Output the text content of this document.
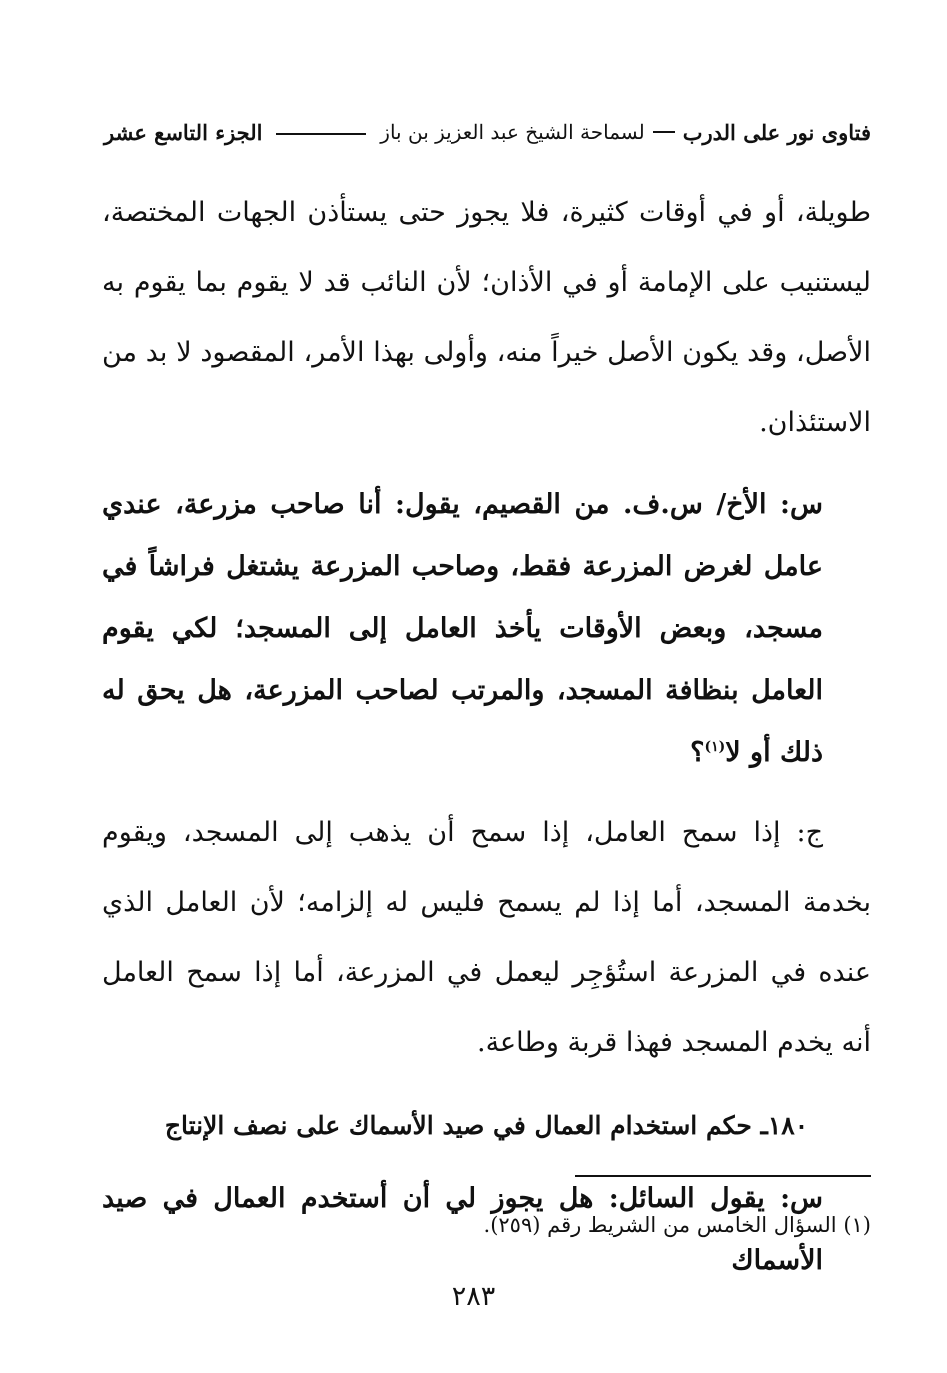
فتاوى نور على الدرب
لسماحة الشيخ عبد العزيز بن باز
الجزء التاسع عشر

طويلة، أو في أوقات كثيرة، فلا يجوز حتى يستأذن الجهات المختصة، ليستنيب على الإمامة أو في الأذان؛ لأن النائب قد لا يقوم بما يقوم به الأصل، وقد يكون الأصل خيراً منه، وأولى بهذا الأمر، المقصود لا بد من الاستئذان.

س: الأخ/ س.ف. من القصيم، يقول: أنا صاحب مزرعة، عندي عامل لغرض المزرعة فقط، وصاحب المزرعة يشتغل فراشاً في مسجد، وبعض الأوقات يأخذ العامل إلى المسجد؛ لكي يقوم العامل بنظافة المسجد، والمرتب لصاحب المزرعة، هل يحق له ذلك أو لا$^{(١)}$؟

ج: إذا سمح العامل، إذا سمح أن يذهب إلى المسجد، ويقوم بخدمة المسجد، أما إذا لم يسمح فليس له إلزامه؛ لأن العامل الذي عنده في المزرعة استُؤجِر ليعمل في المزرعة، أما إذا سمح العامل أنه يخدم المسجد فهذا قربة وطاعة.

١٨٠ـ حكم استخدام العمال في صيد الأسماك على نصف الإنتاج

س: يقول السائل: هل يجوز لي أن أستخدم العمال في صيد الأسماك

(١) السؤال الخامس من الشريط رقم (٢٥٩).
٢٨٣
